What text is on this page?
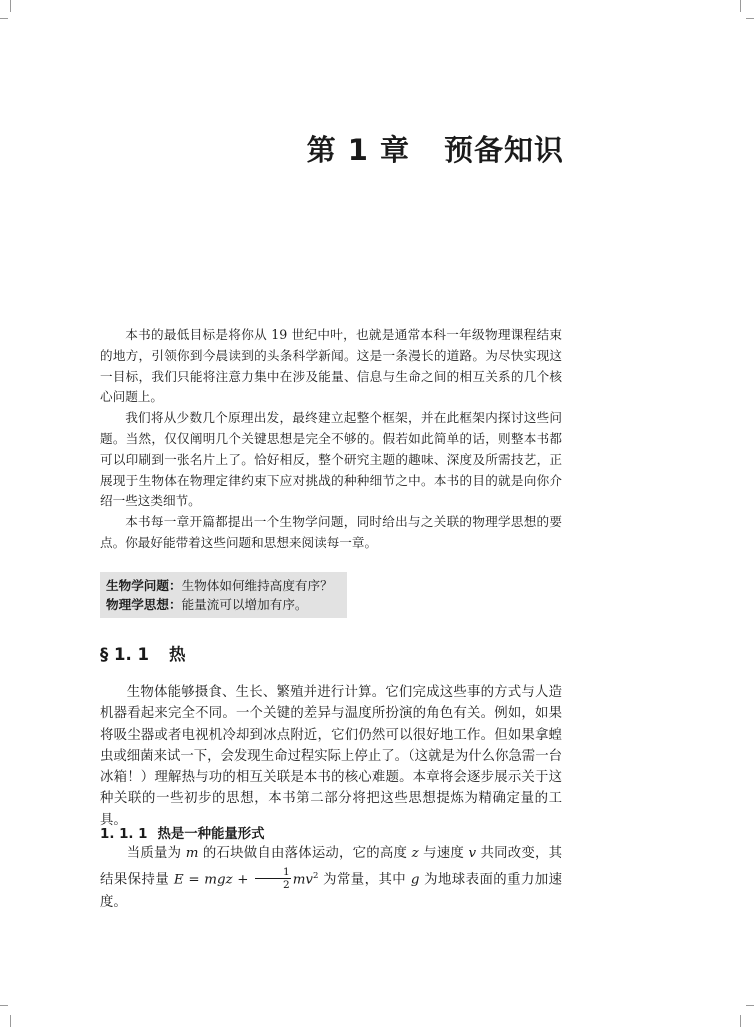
第 1 章 预备知识

本书的最低目标是将你从 19 世纪中叶，也就是通常本科一年级物理课程结束的地方，引领你到今晨读到的头条科学新闻。这是一条漫长的道路。为尽快实现这一目标，我们只能将注意力集中在涉及能量、信息与生命之间的相互关系的几个核心问题上。

我们将从少数几个原理出发，最终建立起整个框架，并在此框架内探讨这些问题。当然，仅仅阐明几个关键思想是完全不够的。假若如此简单的话，则整本书都可以印刷到一张名片上了。恰好相反，整个研究主题的趣味、深度及所需技艺，正展现于生物体在物理定律约束下应对挑战的种种细节之中。本书的目的就是向你介绍一些这类细节。

本书每一章开篇都提出一个生物学问题，同时给出与之关联的物理学思想的要点。你最好能带着这些问题和思想来阅读每一章。

生物学问题：生物体如何维持高度有序？
物理学思想：能量流可以增加有序。
§ 1. 1 热

生物体能够摄食、生长、繁殖并进行计算。它们完成这些事的方式与人造机器看起来完全不同。一个关键的差异与温度所扮演的角色有关。例如，如果将吸尘器或者电视机冷却到冰点附近，它们仍然可以很好地工作。但如果拿蝗虫或细菌来试一下，会发现生命过程实际上停止了。（这就是为什么你急需一台冰箱！）理解热与功的相互关联是本书的核心难题。本章将会逐步展示关于这种关联的一些初步的思想，本书第二部分将把这些思想提炼为精确定量的工具。

1. 1. 1 热是一种能量形式

当质量为 m 的石块做自由落体运动，它的高度 z 与速度 v 共同改变，其结果保持量 E = mgz + $\frac{1}{2} mv^2$ 为常量，其中 g 为地球表面的重力加速度。
